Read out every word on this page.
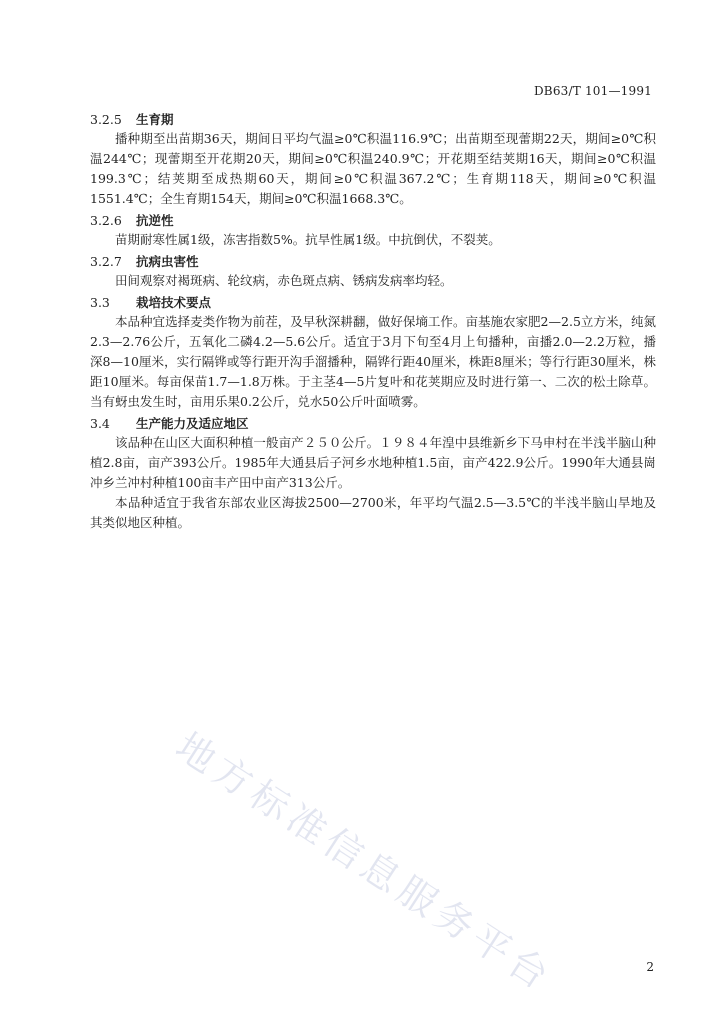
DB63/T 101—1991
3.2.5 生育期

播种期至出苗期36天，期间日平均气温≥0℃积温116.9℃；出苗期至现蕾期22天，期间≥0℃积温244℃；现蕾期至开花期20天，期间≥0℃积温240.9℃；开花期至结荚期16天，期间≥0℃积温199.3℃；结荚期至成热期60天，期间≥0℃积温367.2℃；生育期118天，期间≥0℃积温1551.4℃；全生育期154天，期间≥0℃积温1668.3℃。

3.2.6 抗逆性

苗期耐寒性属1级，冻害指数5%。抗旱性属1级。中抗倒伏，不裂荚。

3.2.7 抗病虫害性

田间观察对褐斑病、轮纹病，赤色斑点病、锈病发病率均轻。

3.3 栽培技术要点

本品种宜选择麦类作物为前茬，及早秋深耕翻，做好保墒工作。亩基施农家肥2—2.5立方米，纯氮2.3—2.76公斤，五氧化二磷4.2—5.6公斤。适宜于3月下旬至4月上旬播种，亩播2.0—2.2万粒，播深8—10厘米，实行隔铧或等行距开沟手溜播种，隔铧行距40厘米，株距8厘米；等行行距30厘米，株距10厘米。每亩保苗1.7—1.8万株。于主茎4—5片复叶和花荚期应及时进行第一、二次的松土除草。当有蚜虫发生时，亩用乐果0.2公斤，兑水50公斤叶面喷雾。

3.4 生产能力及适应地区

该品种在山区大面积种植一般亩产２５０公斤。１９８４年湟中县维新乡下马申村在半浅半脑山种植2.8亩，亩产393公斤。1985年大通县后子河乡水地种植1.5亩，亩产422.9公斤。1990年大通县崗冲乡兰冲村种植100亩丰产田中亩产313公斤。

本品种适宜于我省东部农业区海拔2500—2700米，年平均气温2.5—3.5℃的半浅半脑山旱地及其类似地区种植。

地方标准信息服务平台	2
